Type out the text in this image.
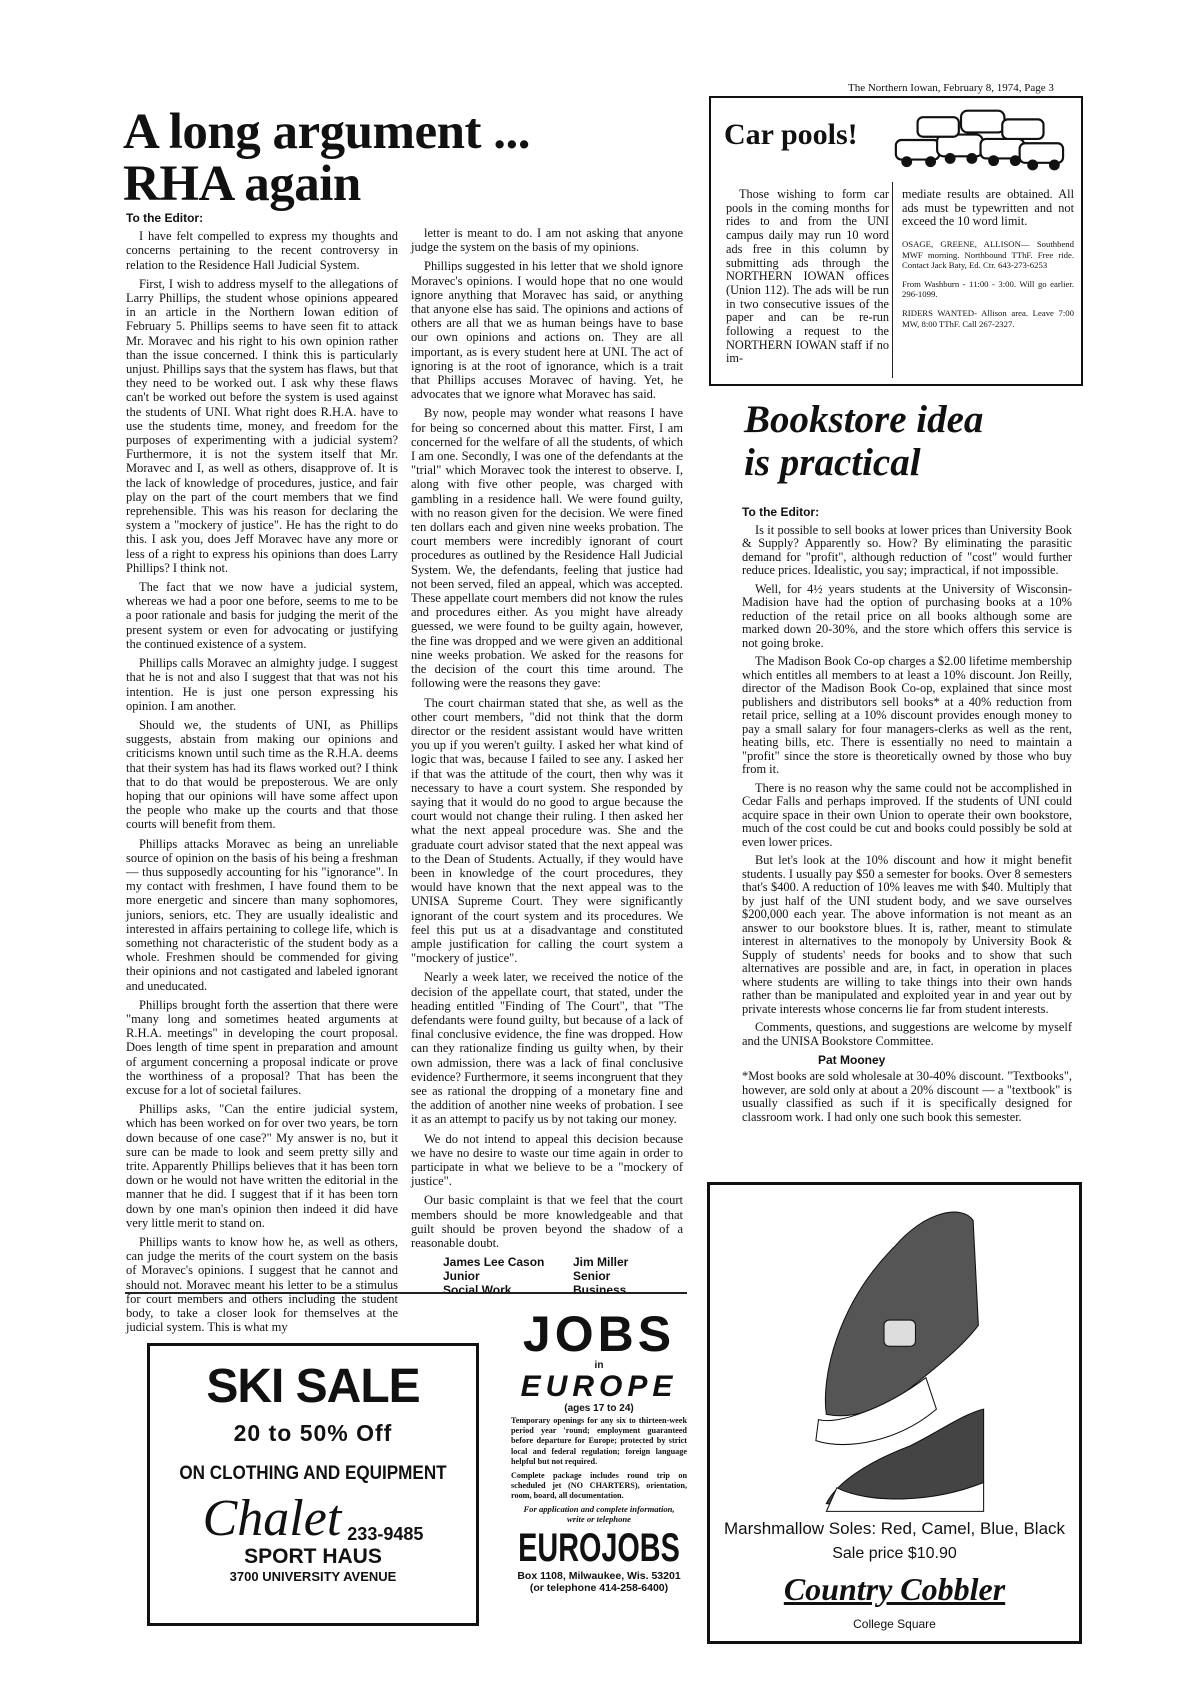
The Northern Iowan, February 8, 1974, Page 3
A long argument ...
RHA again
To the Editor:

I have felt compelled to express my thoughts and concerns pertaining to the recent controversy in relation to the Residence Hall Judicial System.

First, I wish to address myself to the allegations of Larry Phillips, the student whose opinions appeared in an article in the Northern Iowan edition of February 5. Phillips seems to have seen fit to attack Mr. Moravec and his right to his own opinion rather than the issue concerned. I think this is particularly unjust. Phillips says that the system has flaws, but that they need to be worked out. I ask why these flaws can't be worked out before the system is used against the students of UNI. What right does R.H.A. have to use the students time, money, and freedom for the purposes of experimenting with a judicial system? Furthermore, it is not the system itself that Mr. Moravec and I, as well as others, disapprove of. It is the lack of knowledge of procedures, justice, and fair play on the part of the court members that we find reprehensible. This was his reason for declaring the system a "mockery of justice". He has the right to do this. I ask you, does Jeff Moravec have any more or less of a right to express his opinions than does Larry Phillips? I think not.

The fact that we now have a judicial system, whereas we had a poor one before, seems to me to be a poor rationale and basis for judging the merit of the present system or even for advocating or justifying the continued existence of a system.

Phillips calls Moravec an almighty judge. I suggest that he is not and also I suggest that that was not his intention. He is just one person expressing his opinion. I am another.

Should we, the students of UNI, as Phillips suggests, abstain from making our opinions and criticisms known until such time as the R.H.A. deems that their system has had its flaws worked out? I think that to do that would be preposterous. We are only hoping that our opinions will have some affect upon the people who make up the courts and that those courts will benefit from them.

Phillips attacks Moravec as being an unreliable source of opinion on the basis of his being a freshman — thus supposedly accounting for his "ignorance". In my contact with freshmen, I have found them to be more energetic and sincere than many sophomores, juniors, seniors, etc. They are usually idealistic and interested in affairs pertaining to college life, which is something not characteristic of the student body as a whole. Freshmen should be commended for giving their opinions and not castigated and labeled ignorant and uneducated.

Phillips brought forth the assertion that there were "many long and sometimes heated arguments at R.H.A. meetings" in developing the court proposal. Does length of time spent in preparation and amount of argument concerning a proposal indicate or prove the worthiness of a proposal? That has been the excuse for a lot of societal failures.

Phillips asks, "Can the entire judicial system, which has been worked on for over two years, be torn down because of one case?" My answer is no, but it sure can be made to look and seem pretty silly and trite. Apparently Phillips believes that it has been torn down or he would not have written the editorial in the manner that he did. I suggest that if it has been torn down by one man's opinion then indeed it did have very little merit to stand on.

Phillips wants to know how he, as well as others, can judge the merits of the court system on the basis of Moravec's opinions. I suggest that he cannot and should not. Moravec meant his letter to be a stimulus for court members and others including the student body, to take a closer look for themselves at the judicial system. This is what my

letter is meant to do. I am not asking that anyone judge the system on the basis of my opinions.

Phillips suggested in his letter that we shold ignore Moravec's opinions. I would hope that no one would ignore anything that Moravec has said, or anything that anyone else has said. The opinions and actions of others are all that we as human beings have to base our own opinions and actions on. They are all important, as is every student here at UNI. The act of ignoring is at the root of ignorance, which is a trait that Phillips accuses Moravec of having. Yet, he advocates that we ignore what Moravec has said.

By now, people may wonder what reasons I have for being so concerned about this matter. First, I am concerned for the welfare of all the students, of which I am one. Secondly, I was one of the defendants at the "trial" which Moravec took the interest to observe. I, along with five other people, was charged with gambling in a residence hall. We were found guilty, with no reason given for the decision. We were fined ten dollars each and given nine weeks probation. The court members were incredibly ignorant of court procedures as outlined by the Residence Hall Judicial System. We, the defendants, feeling that justice had not been served, filed an appeal, which was accepted. These appellate court members did not know the rules and procedures either. As you might have already guessed, we were found to be guilty again, however, the fine was dropped and we were given an additional nine weeks probation. We asked for the reasons for the decision of the court this time around. The following were the reasons they gave:

The court chairman stated that she, as well as the other court members, "did not think that the dorm director or the resident assistant would have written you up if you weren't guilty. I asked her what kind of logic that was, because I failed to see any. I asked her if that was the attitude of the court, then why was it necessary to have a court system. She responded by saying that it would do no good to argue because the court would not change their ruling. I then asked her what the next appeal procedure was. She and the graduate court advisor stated that the next appeal was to the Dean of Students. Actually, if they would have been in knowledge of the court procedures, they would have known that the next appeal was to the UNISA Supreme Court. They were significantly ignorant of the court system and its procedures. We feel this put us at a disadvantage and constituted ample justification for calling the court system a "mockery of justice".

Nearly a week later, we received the notice of the decision of the appellate court, that stated, under the heading entitled "Finding of The Court", that "The defendants were found guilty, but because of a lack of final conclusive evidence, the fine was dropped. How can they rationalize finding us guilty when, by their own admission, there was a lack of final conclusive evidence? Furthermore, it seems incongruent that they see as rational the dropping of a monetary fine and the addition of another nine weeks of probation. I see it as an attempt to pacify us by not taking our money.

We do not intend to appeal this decision because we have no desire to waste our time again in order to participate in what we believe to be a "mockery of justice".

Our basic complaint is that we feel that the court members should be more knowledgeable and that guilt should be proven beyond the shadow of a reasonable doubt.

James Lee Cason
Junior
Social Work
Jim Miller
Senior
Business
Car pools!
Those wishing to form car pools in the coming months for rides to and from the UNI campus daily may run 10 word ads free in this column by submitting ads through the NORTHERN IOWAN offices (Union 112). The ads will be run in two consecutive issues of the paper and can be re-run following a request to the NORTHERN IOWAN staff if no im-
mediate results are obtained. All ads must be typewritten and not exceed the 10 word limit.
OSAGE, GREENE, ALLISON— Southbend MWF morning. Northbound TThF. Free ride. Contact Jack Baty, Ed. Ctr. 643-273-6253
From Washburn - 11:00 - 3:00. Will go earlier. 296-1099.
RIDERS WANTED- Allison area. Leave 7:00 MW, 8:00 TThF. Call 267-2327.
Bookstore idea
is practical
To the Editor:

Is it possible to sell books at lower prices than University Book & Supply? Apparently so. How? By eliminating the parasitic demand for "profit", although reduction of "cost" would further reduce prices. Idealistic, you say; impractical, if not impossible.

Well, for 4½ years students at the University of Wisconsin-Madision have had the option of purchasing books at a 10% reduction of the retail price on all books although some are marked down 20-30%, and the store which offers this service is not going broke.

The Madison Book Co-op charges a $2.00 lifetime membership which entitles all members to at least a 10% discount. Jon Reilly, director of the Madison Book Co-op, explained that since most publishers and distributors sell books* at a 40% reduction from retail price, selling at a 10% discount provides enough money to pay a small salary for four managers-clerks as well as the rent, heating bills, etc. There is essentially no need to maintain a "profit" since the store is theoretically owned by those who buy from it.

There is no reason why the same could not be accomplished in Cedar Falls and perhaps improved. If the students of UNI could acquire space in their own Union to operate their own bookstore, much of the cost could be cut and books could possibly be sold at even lower prices.

But let's look at the 10% discount and how it might benefit students. I usually pay $50 a semester for books. Over 8 semesters that's $400. A reduction of 10% leaves me with $40. Multiply that by just half of the UNI student body, and we save ourselves $200,000 each year. The above information is not meant as an answer to our bookstore blues. It is, rather, meant to stimulate interest in alternatives to the monopoly by University Book & Supply of students' needs for books and to show that such alternatives are possible and are, in fact, in operation in places where students are willing to take things into their own hands rather than be manipulated and exploited year in and year out by private interests whose concerns lie far from student interests.

Comments, questions, and suggestions are welcome by myself and the UNISA Bookstore Committee.

Pat Mooney
*Most books are sold wholesale at 30-40% discount. "Textbooks", however, are sold only at about a 20% discount — a "textbook" is usually classified as such if it is specifically designed for classroom work. I had only one such book this semester.
Marshmallow Soles: Red, Camel, Blue, Black
Sale price $10.90
Country Cobbler
College Square
SKI SALE
20 to 50% Off
ON CLOTHING AND EQUIPMENT
Chalet 233-9485
SPORT HAUS
3700 UNIVERSITY AVENUE
JOBS
in
EUROPE
(ages 17 to 24)
Temporary openings for any six to thirteen-week period year 'round; employment guaranteed before departure for Europe; protected by strict local and federal regulation; foreign language helpful but not required.
Complete package includes round trip on scheduled jet (NO CHARTERS), orientation, room, board, all documentation.
For application and complete information, write or telephone
EUROJOBS
Box 1108, Milwaukee, Wis. 53201
(or telephone 414-258-6400)
